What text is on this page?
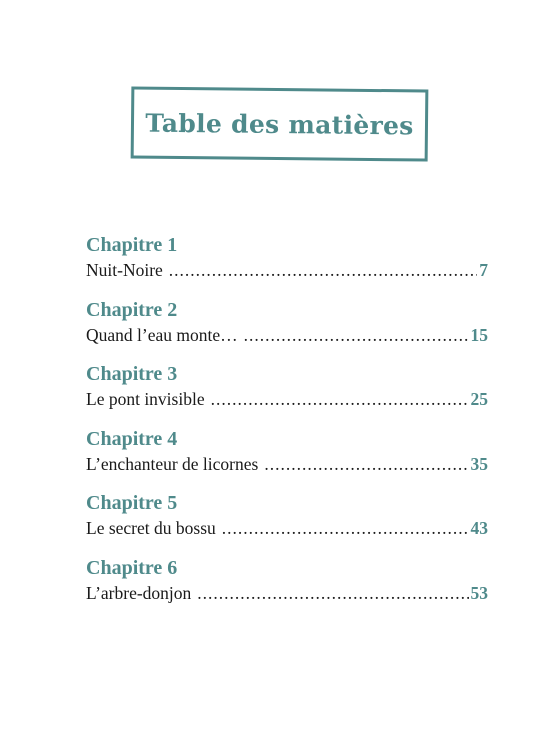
Table des matières
Chapitre 1
Nuit-Noire .....	7
Chapitre 2
Quand l’eau monte… .....	15
Chapitre 3
Le pont invisible .....	25
Chapitre 4
L’enchanteur de licornes .....	35
Chapitre 5
Le secret du bossu .....	43
Chapitre 6
L’arbre-donjon .....	53
